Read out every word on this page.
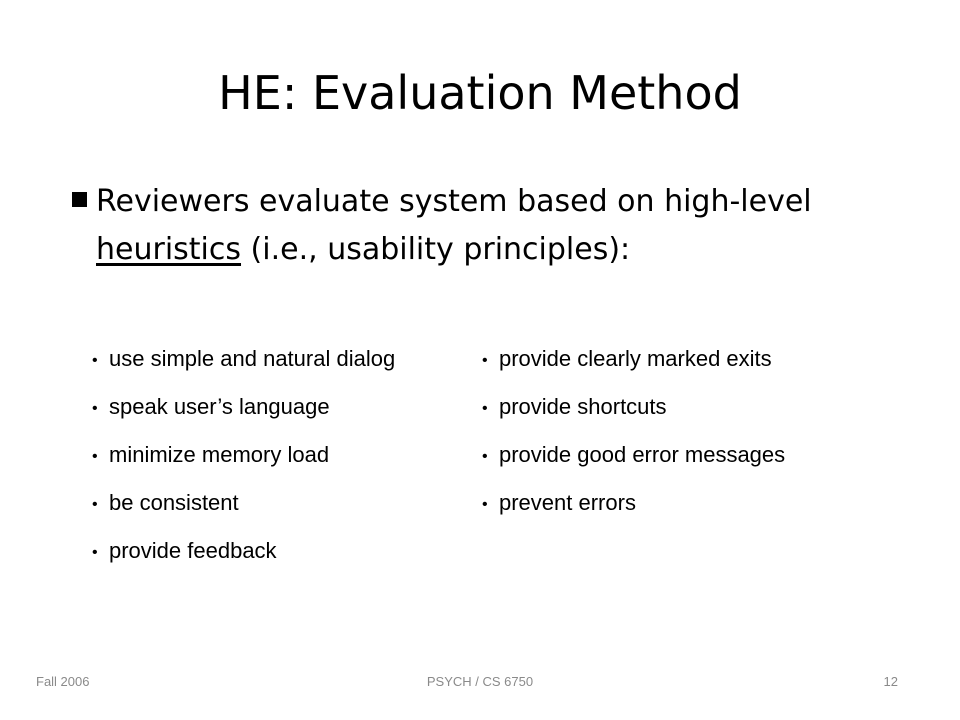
HE: Evaluation Method
Reviewers evaluate system based on high-level heuristics (i.e., usability principles):
• use simple and natural dialog
• speak user’s language
• minimize memory load
• be consistent
• provide feedback
• provide clearly marked exits
• provide shortcuts
• provide good error messages
• prevent errors
Fall 2006	PSYCH / CS 6750	12
